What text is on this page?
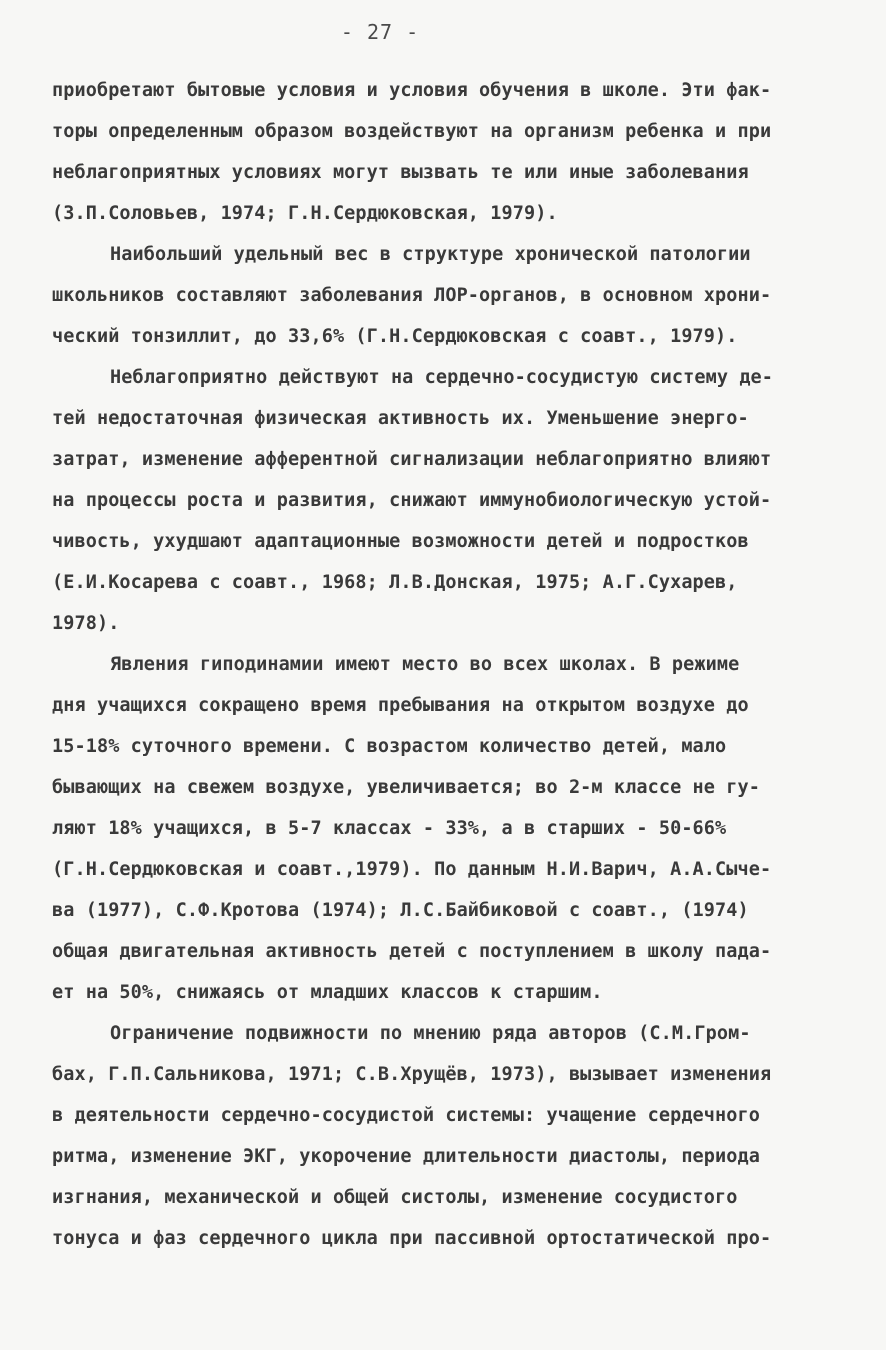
- 27 -
приобретают бытовые условия и условия обучения в школе. Эти фак-
торы определенным образом воздействуют на организм ребенка и при
неблагоприятных условиях могут вызвать те или иные заболевания
(З.П.Соловьев, 1974; Г.Н.Сердюковская, 1979).
Наибольший удельный вес в структуре хронической патологии
школьников составляют заболевания ЛОР-органов, в основном хрони-
ческий тонзиллит, до 33,6% (Г.Н.Сердюковская с соавт., 1979).
Неблагоприятно действуют на сердечно-сосудистую систему де-
тей недостаточная физическая активность их. Уменьшение энерго-
затрат, изменение афферентной сигнализации неблагоприятно влияют
на процессы роста и развития, снижают иммунобиологическую устой-
чивость, ухудшают адаптационные возможности детей и подростков
(Е.И.Косарева с соавт., 1968; Л.В.Донская, 1975; А.Г.Сухарев,
1978).
Явления гиподинамии имеют место во всех школах. В режиме
дня учащихся сокращено время пребывания на открытом воздухе до
15-18% суточного времени. С возрастом количество детей, мало
бывающих на свежем воздухе, увеличивается; во 2-м классе не гу-
ляют 18% учащихся, в 5-7 классах - 33%, а в старших - 50-66%
(Г.Н.Сердюковская и соавт.,1979). По данным Н.И.Варич, А.А.Сыче-
ва (1977), С.Ф.Кротова (1974); Л.С.Байбиковой с соавт., (1974)
общая двигательная активность детей с поступлением в школу пада-
ет на 50%, снижаясь от младших классов к старшим.
Ограничение подвижности по мнению ряда авторов (С.М.Гром-
бах, Г.П.Сальникова, 1971; С.В.Хрущёв, 1973), вызывает изменения
в деятельности сердечно-сосудистой системы: учащение сердечного
ритма, изменение ЭКГ, укорочение длительности диастолы, периода
изгнания, механической и общей систолы, изменение сосудистого
тонуса и фаз сердечного цикла при пассивной ортостатической про-
